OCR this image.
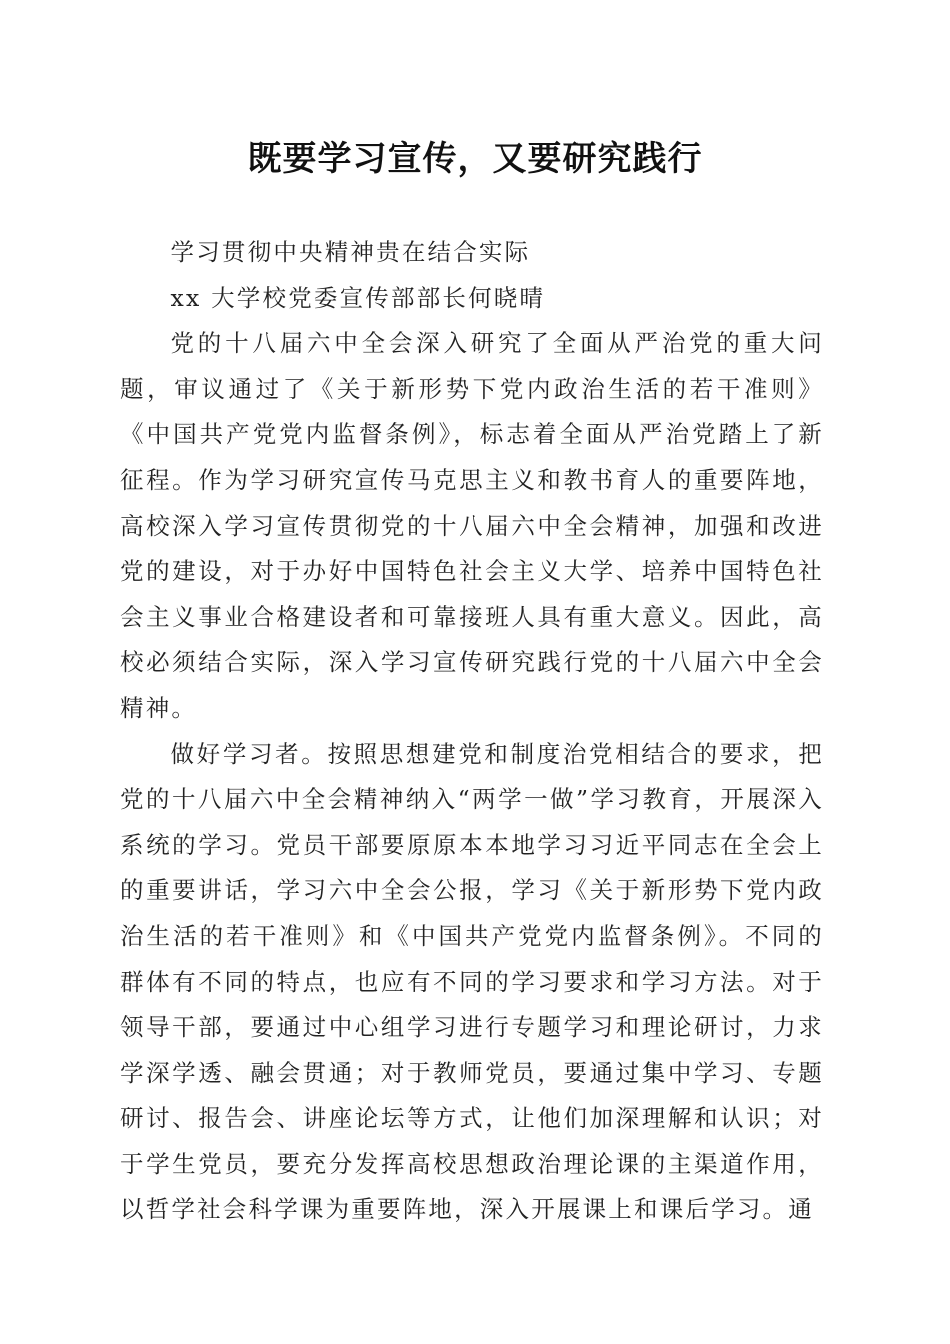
既要学习宣传，又要研究践行

学习贯彻中央精神贵在结合实际

xx 大学校党委宣传部部长何晓晴

党的十八届六中全会深入研究了全面从严治党的重大问题，审议通过了《关于新形势下党内政治生活的若干准则》《中国共产党党内监督条例》，标志着全面从严治党踏上了新征程。作为学习研究宣传马克思主义和教书育人的重要阵地，高校深入学习宣传贯彻党的十八届六中全会精神，加强和改进党的建设，对于办好中国特色社会主义大学、培养中国特色社会主义事业合格建设者和可靠接班人具有重大意义。因此，高校必须结合实际，深入学习宣传研究践行党的十八届六中全会精神。

做好学习者。按照思想建党和制度治党相结合的要求，把党的十八届六中全会精神纳入“两学一做”学习教育，开展深入系统的学习。党员干部要原原本本地学习习近平同志在全会上的重要讲话，学习六中全会公报，学习《关于新形势下党内政治生活的若干准则》和《中国共产党党内监督条例》。不同的群体有不同的特点，也应有不同的学习要求和学习方法。对于领导干部，要通过中心组学习进行专题学习和理论研讨，力求学深学透、融会贯通；对于教师党员，要通过集中学习、专题研讨、报告会、讲座论坛等方式，让他们加深理解和认识；对于学生党员，要充分发挥高校思想政治理论课的主渠道作用，以哲学社会科学课为重要阵地，深入开展课上和课后学习。通
